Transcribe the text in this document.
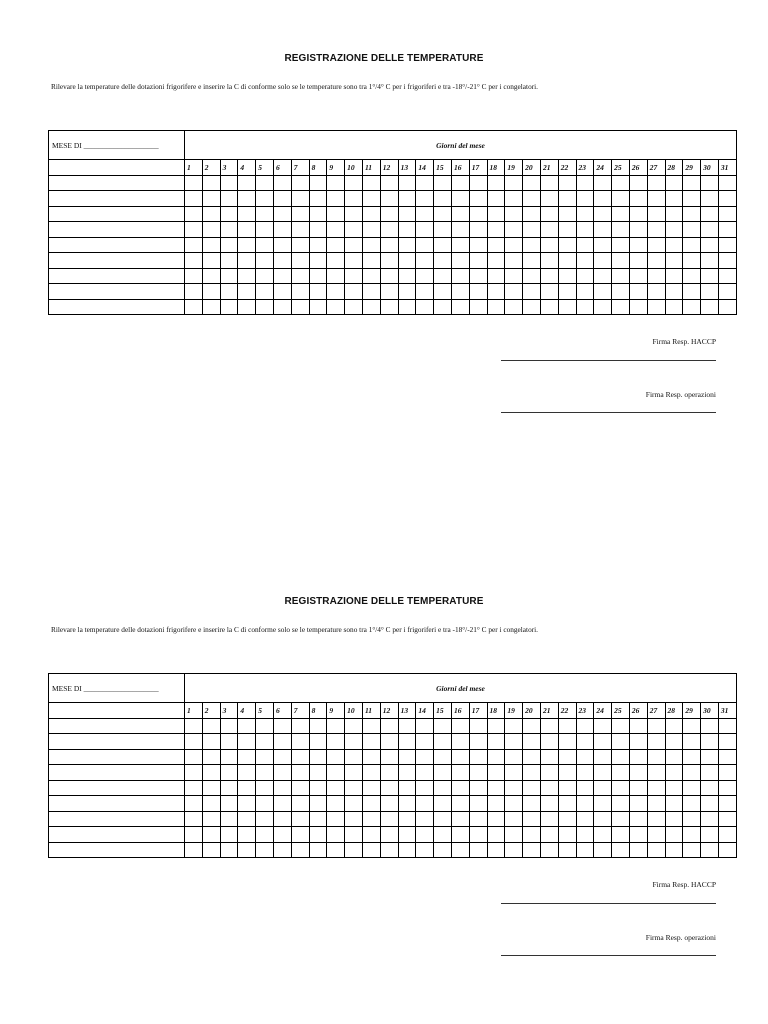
REGISTRAZIONE DELLE TEMPERATURE
Rilevare la temperature delle dotazioni frigorifere e inserire la C di conforme solo se le temperature sono tra 1°/4° C per i frigoriferi e tra -18°/-21° C per i congelatori.
MESE DI ____________________	Giorni del mese																														
	1	2	3	4	5	6	7	8	9	10	11	12	13	14	15	16	17	18	19	20	21	22	23	24	25	26	27	28	29	30	31

Firma Resp. HACCP
Firma Resp. operazioni
REGISTRAZIONE DELLE TEMPERATURE
Rilevare la temperature delle dotazioni frigorifere e inserire la C di conforme solo se le temperature sono tra 1°/4° C per i frigoriferi e tra -18°/-21° C per i congelatori.
MESE DI ____________________	Giorni del mese																														
	1	2	3	4	5	6	7	8	9	10	11	12	13	14	15	16	17	18	19	20	21	22	23	24	25	26	27	28	29	30	31

Firma Resp. HACCP
Firma Resp. operazioni
